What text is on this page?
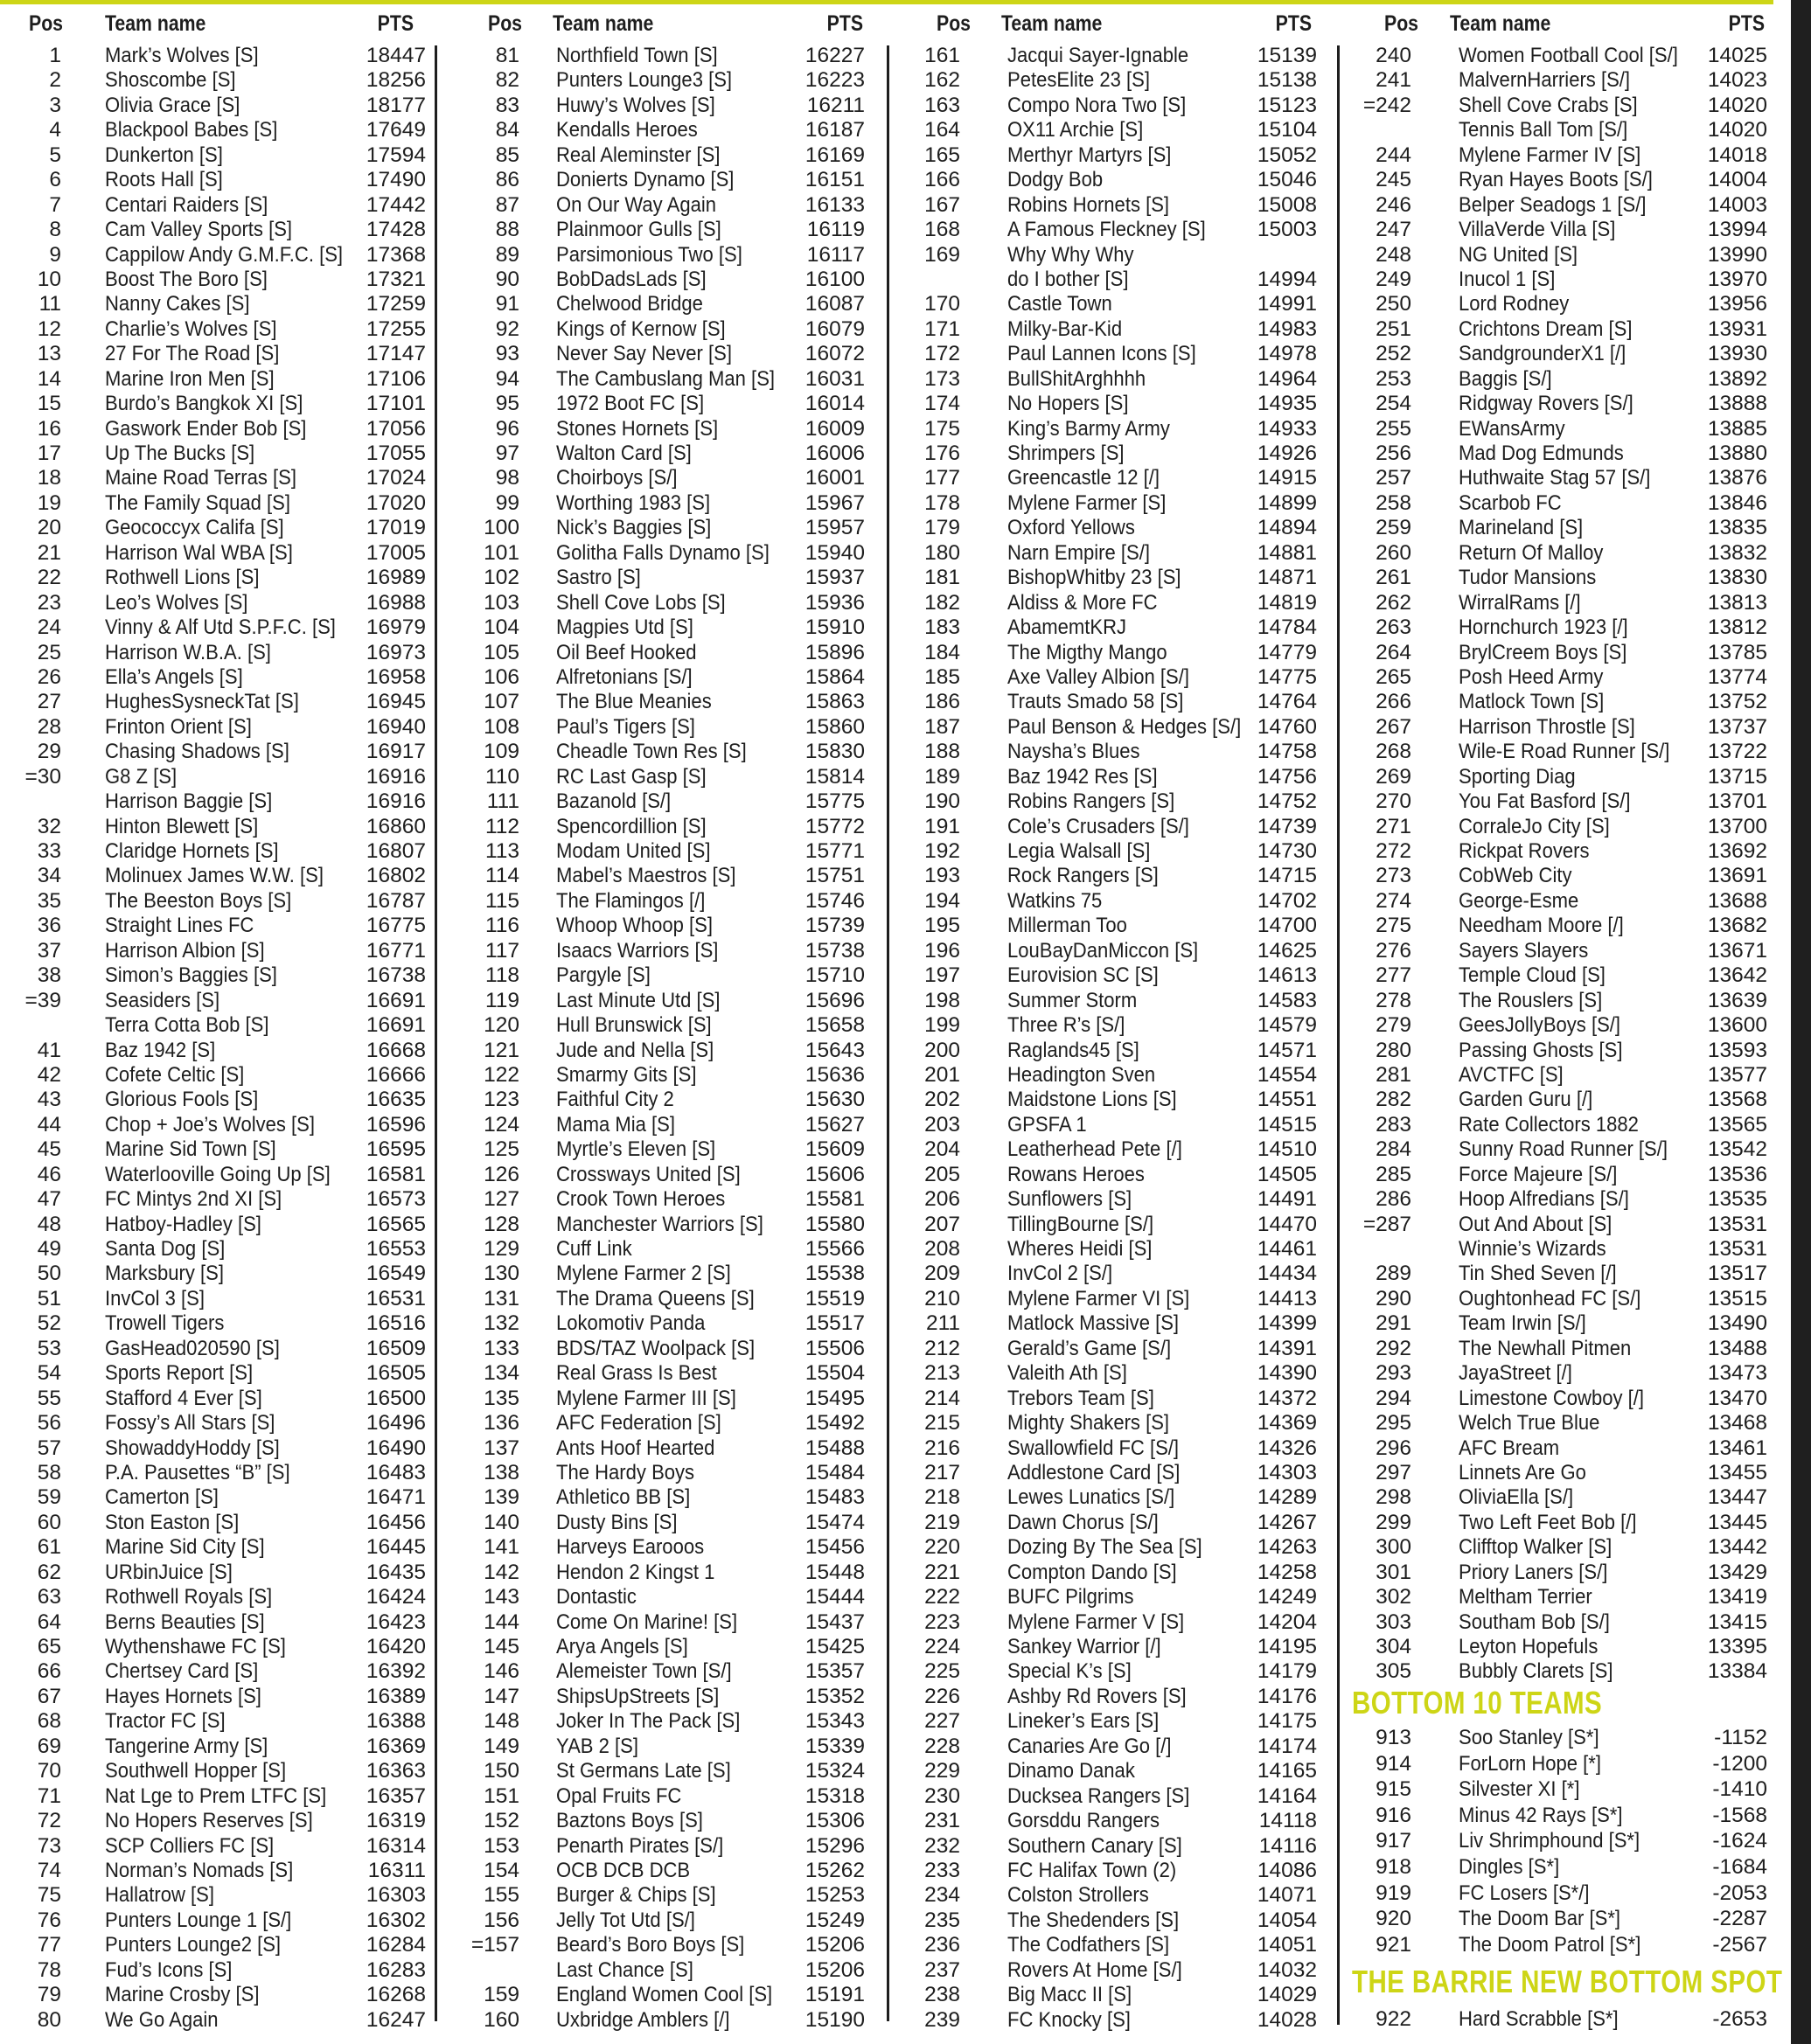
Pos Team name	PTS
1 Mark’s Wolves [S]	18447
2 Shoscombe [S]	18256
3 Olivia Grace [S]	18177
4 Blackpool Babes [S]	17649
5 Dunkerton [S]	17594
6 Roots Hall [S]	17490
7 Centari Raiders [S]	17442
8 Cam Valley Sports [S]	17428
9 Cappilow Andy G.M.F.C. [S]	17368
10 Boost The Boro [S]	17321
11 Nanny Cakes [S]	17259
12 Charlie’s Wolves [S]	17255
13 27 For The Road [S]	17147
14 Marine Iron Men [S]	17106
15 Burdo’s Bangkok XI [S]	17101
16 Gaswork Ender Bob [S]	17056
17 Up The Bucks [S]	17055
18 Maine Road Terras [S]	17024
19 The Family Squad [S]	17020
20 Geococcyx Califa [S]	17019
21 Harrison Wal WBA [S]	17005
22 Rothwell Lions [S]	16989
23 Leo’s Wolves [S]	16988
24 Vinny & Alf Utd S.P.F.C. [S]	16979
25 Harrison W.B.A. [S]	16973
26 Ella’s Angels [S]	16958
27 HughesSysneckTat [S]	16945
28 Frinton Orient [S]	16940
29 Chasing Shadows [S]	16917
=30 G8 Z [S]	16916
Harrison Baggie [S]	16916
32 Hinton Blewett [S]	16860
33 Claridge Hornets [S]	16807
34 Molinuex James W.W. [S]	16802
35 The Beeston Boys [S]	16787
36 Straight Lines FC	16775
37 Harrison Albion [S]	16771
38 Simon’s Baggies [S]	16738
=39 Seasiders [S]	16691
Terra Cotta Bob [S]	16691
41 Baz 1942 [S]	16668
42 Cofete Celtic [S]	16666
43 Glorious Fools [S]	16635
44 Chop + Joe’s Wolves [S]	16596
45 Marine Sid Town [S]	16595
46 Waterlooville Going Up [S]	16581
47 FC Mintys 2nd XI [S]	16573
48 Hatboy-Hadley [S]	16565
49 Santa Dog [S]	16553
50 Marksbury [S]	16549
51 InvCol 3 [S]	16531
52 Trowell Tigers	16516
53 GasHead020590 [S]	16509
54 Sports Report [S]	16505
55 Stafford 4 Ever [S]	16500
56 Fossy’s All Stars [S]	16496
57 ShowaddyHoddy [S]	16490
58 P.A. Pausettes “B” [S]	16483
59 Camerton [S]	16471
60 Ston Easton [S]	16456
61 Marine Sid City [S]	16445
62 URbinJuice [S]	16435
63 Rothwell Royals [S]	16424
64 Berns Beauties [S]	16423
65 Wythenshawe FC [S]	16420
66 Chertsey Card [S]	16392
67 Hayes Hornets [S]	16389
68 Tractor FC [S]	16388
69 Tangerine Army [S]	16369
70 Southwell Hopper [S]	16363
71 Nat Lge to Prem LTFC [S]	16357
72 No Hopers Reserves [S]	16319
73 SCP Colliers FC [S]	16314
74 Norman’s Nomads [S]	16311
75 Hallatrow [S]	16303
76 Punters Lounge 1 [S/]	16302
77 Punters Lounge2 [S]	16284
78 Fud’s Icons [S]	16283
79 Marine Crosby [S]	16268
80 We Go Again	16247
Pos Team name	PTS
81 Northfield Town [S]	16227
82 Punters Lounge3 [S]	16223
83 Huwy’s Wolves [S]	16211
84 Kendalls Heroes	16187
85 Real Aleminster [S]	16169
86 Donierts Dynamo [S]	16151
87 On Our Way Again	16133
88 Plainmoor Gulls [S]	16119
89 Parsimonious Two [S]	16117
90 BobDadsLads [S]	16100
91 Chelwood Bridge	16087
92 Kings of Kernow [S]	16079
93 Never Say Never [S]	16072
94 The Cambuslang Man [S]	16031
95 1972 Boot FC [S]	16014
96 Stones Hornets [S]	16009
97 Walton Card [S]	16006
98 Choirboys [S/]	16001
99 Worthing 1983 [S]	15967
100 Nick’s Baggies [S]	15957
101 Golitha Falls Dynamo [S]	15940
102 Sastro [S]	15937
103 Shell Cove Lobs [S]	15936
104 Magpies Utd [S]	15910
105 Oil Beef Hooked	15896
106 Alfretonians [S/]	15864
107 The Blue Meanies	15863
108 Paul’s Tigers [S]	15860
109 Cheadle Town Res [S]	15830
110 RC Last Gasp [S]	15814
111 Bazanold [S/]	15775
112 Spencordillion [S]	15772
113 Modam United [S]	15771
114 Mabel’s Maestros [S]	15751
115 The Flamingos [/]	15746
116 Whoop Whoop [S]	15739
117 Isaacs Warriors [S]	15738
118 Pargyle [S]	15710
119 Last Minute Utd [S]	15696
120 Hull Brunswick [S]	15658
121 Jude and Nella [S]	15643
122 Smarmy Gits [S]	15636
123 Faithful City 2	15630
124 Mama Mia [S]	15627
125 Myrtle’s Eleven [S]	15609
126 Crossways United [S]	15606
127 Crook Town Heroes	15581
128 Manchester Warriors [S]	15580
129 Cuff Link	15566
130 Mylene Farmer 2 [S]	15538
131 The Drama Queens [S]	15519
132 Lokomotiv Panda	15517
133 BDS/TAZ Woolpack [S]	15506
134 Real Grass Is Best	15504
135 Mylene Farmer III [S]	15495
136 AFC Federation [S]	15492
137 Ants Hoof Hearted	15488
138 The Hardy Boys	15484
139 Athletico BB [S]	15483
140 Dusty Bins [S]	15474
141 Harveys Earooos	15456
142 Hendon 2 Kingst 1	15448
143 Dontastic	15444
144 Come On Marine! [S]	15437
145 Arya Angels [S]	15425
146 Alemeister Town [S/]	15357
147 ShipsUpStreets [S]	15352
148 Joker In The Pack [S]	15343
149 YAB 2 [S]	15339
150 St Germans Late [S]	15324
151 Opal Fruits FC	15318
152 Baztons Boys [S]	15306
153 Penarth Pirates [S/]	15296
154 OCB DCB DCB	15262
155 Burger & Chips [S]	15253
156 Jelly Tot Utd [S/]	15249
=157 Beard’s Boro Boys [S]	15206
Last Chance [S]	15206
159 England Women Cool [S]	15191
160 Uxbridge Amblers [/]	15190
Pos Team name	PTS
161 Jacqui Sayer-Ignable	15139
162 PetesElite 23 [S]	15138
163 Compo Nora Two [S]	15123
164 OX11 Archie [S]	15104
165 Merthyr Martyrs [S]	15052
166 Dodgy Bob	15046
167 Robins Hornets [S]	15008
168 A Famous Fleckney [S]	15003
169 Why Why Why
do I bother [S]	14994
170 Castle Town	14991
171 Milky-Bar-Kid	14983
172 Paul Lannen Icons [S]	14978
173 BullShitArghhhh	14964
174 No Hopers [S]	14935
175 King’s Barmy Army	14933
176 Shrimpers [S]	14926
177 Greencastle 12 [/]	14915
178 Mylene Farmer [S]	14899
179 Oxford Yellows	14894
180 Narn Empire [S/]	14881
181 BishopWhitby 23 [S]	14871
182 Aldiss & More FC	14819
183 AbamemtKRJ	14784
184 The Migthy Mango	14779
185 Axe Valley Albion [S/]	14775
186 Trauts Smado 58 [S]	14764
187 Paul Benson & Hedges [S/] 14760
188 Naysha’s Blues	14758
189 Baz 1942 Res [S]	14756
190 Robins Rangers [S]	14752
191 Cole’s Crusaders [S/]	14739
192 Legia Walsall [S]	14730
193 Rock Rangers [S]	14715
194 Watkins 75	14702
195 Millerman Too	14700
196 LouBayDanMiccon [S]	14625
197 Eurovision SC [S]	14613
198 Summer Storm	14583
199 Three R’s [S/]	14579
200 Raglands45 [S]	14571
201 Headington Sven	14554
202 Maidstone Lions [S]	14551
203 GPSFA 1	14515
204 Leatherhead Pete [/]	14510
205 Rowans Heroes	14505
206 Sunflowers [S]	14491
207 TillingBourne [S/]	14470
208 Wheres Heidi [S]	14461
209 InvCol 2 [S/]	14434
210 Mylene Farmer VI [S]	14413
211 Matlock Massive [S]	14399
212 Gerald’s Game [S/]	14391
213 Valeith Ath [S]	14390
214 Trebors Team [S]	14372
215 Mighty Shakers [S]	14369
216 Swallowfield FC [S/]	14326
217 Addlestone Card [S]	14303
218 Lewes Lunatics [S/]	14289
219 Dawn Chorus [S/]	14267
220 Dozing By The Sea [S]	14263
221 Compton Dando [S]	14258
222 BUFC Pilgrims	14249
223 Mylene Farmer V [S]	14204
224 Sankey Warrior [/]	14195
225 Special K’s [S]	14179
226 Ashby Rd Rovers [S]	14176
227 Lineker’s Ears [S]	14175
228 Canaries Are Go [/]	14174
229 Dinamo Danak	14165
230 Ducksea Rangers [S]	14164
231 Gorsddu Rangers	14118
232 Southern Canary [S]	14116
233 FC Halifax Town (2)	14086
234 Colston Strollers	14071
235 The Shedenders [S]	14054
236 The Codfathers [S]	14051
237 Rovers At Home [S/]	14032
238 Big Macc II [S]	14029
239 FC Knocky [S]	14028
Pos Team name	PTS
240 Women Football Cool [S/]	14025
241 MalvernHarriers [S/]	14023
=242 Shell Cove Crabs [S]	14020
Tennis Ball Tom [S/]	14020
244 Mylene Farmer IV [S]	14018
245 Ryan Hayes Boots [S/]	14004
246 Belper Seadogs 1 [S/]	14003
247 VillaVerde Villa [S]	13994
248 NG United [S]	13990
249 Inucol 1 [S]	13970
250 Lord Rodney	13956
251 Crichtons Dream [S]	13931
252 SandgrounderX1 [/]	13930
253 Baggis [S/]	13892
254 Ridgway Rovers [S/]	13888
255 EWansArmy	13885
256 Mad Dog Edmunds	13880
257 Huthwaite Stag 57 [S/]	13876
258 Scarbob FC	13846
259 Marineland [S]	13835
260 Return Of Malloy	13832
261 Tudor Mansions	13830
262 WirralRams [/]	13813
263 Hornchurch 1923 [/]	13812
264 BrylCreem Boys [S]	13785
265 Posh Heed Army	13774
266 Matlock Town [S]	13752
267 Harrison Throstle [S]	13737
268 Wile-E Road Runner [S/]	13722
269 Sporting Diag	13715
270 You Fat Basford [S/]	13701
271 CorraleJo City [S]	13700
272 Rickpat Rovers	13692
273 CobWeb City	13691
274 George-Esme	13688
275 Needham Moore [/]	13682
276 Sayers Slayers	13671
277 Temple Cloud [S]	13642
278 The Rouslers [S]	13639
279 GeesJollyBoys [S/]	13600
280 Passing Ghosts [S]	13593
281 AVCTFC [S]	13577
282 Garden Guru [/]	13568
283 Rate Collectors 1882	13565
284 Sunny Road Runner [S/]	13542
285 Force Majeure [S/]	13536
286 Hoop Alfredians [S/]	13535
=287 Out And About [S]	13531
Winnie’s Wizards	13531
289 Tin Shed Seven [/]	13517
290 Oughtonhead FC [S/]	13515
291 Team Irwin [S/]	13490
292 The Newhall Pitmen	13488
293 JayaStreet [/]	13473
294 Limestone Cowboy [/]	13470
295 Welch True Blue	13468
296 AFC Bream	13461
297 Linnets Are Go	13455
298 OliviaElla [S/]	13447
299 Two Left Feet Bob [/]	13445
300 Clifftop Walker [S]	13442
301 Priory Laners [S/]	13429
302 Meltham Terrier	13419
303 Southam Bob [S/]	13415
304 Leyton Hopefuls	13395
305 Bubbly Clarets [S]	13384
BOTTOM 10 TEAMS
913 Soo Stanley [S*]	-1152
914 ForLorn Hope [*]	-1200
915 Silvester XI [*]	-1410
916 Minus 42 Rays [S*]	-1568
917 Liv Shrimphound [S*]	-1624
918 Dingles [S*]	-1684
919 FC Losers [S*/]	-2053
920 The Doom Bar [S*]	-2287
921 The Doom Patrol [S*]	-2567
THE BARRIE NEW BOTTOM SPOT
922 Hard Scrabble [S*]	-2653
